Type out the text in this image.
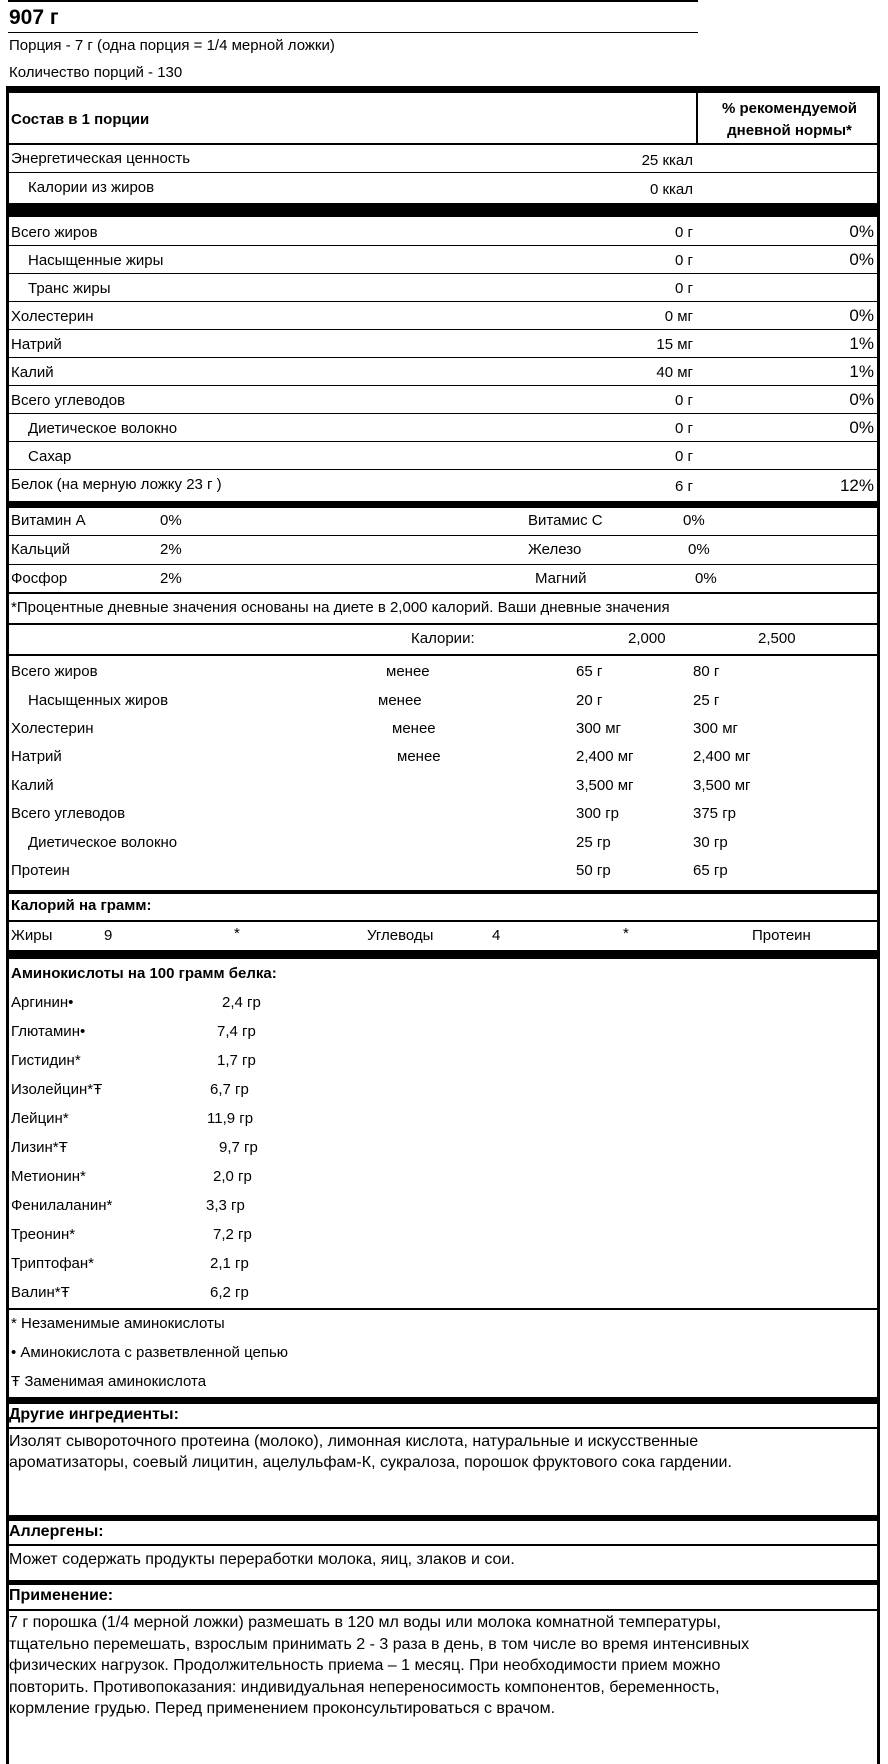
907 г
Порция - 7 г (одна порция = 1/4 мерной ложки)
Количество порций - 130
Состав в 1 порции
% рекомендуемой
дневной нормы*
Энергетическая ценность	25 ккал
Калории из жиров	0 ккал
Всего жиров	0 г	0%
Насыщенные жиры	0 г	0%
Транс жиры	0 г
Холестерин	0 мг	0%
Натрий	15 мг	1%
Калий	40 мг	1%
Всего углеводов	0 г	0%
Диетическое волокно	0 г	0%
Сахар	0 г
Белок (на мерную ложку 23 г )	6 г	12%
Витамин А	0%	Витамис С	0%
Кальций	2%	Железо	0%
Фосфор	2%	Магний	0%
*Процентные дневные значения основаны на диете в 2,000 калорий. Ваши дневные значения
Калории:	2,000	2,500
Всего жиров	менее	65 г	80 г
Насыщенных жиров	менее	20 г	25 г
Холестерин	менее	300 мг	300 мг
Натрий	менее	2,400 мг	2,400 мг
Калий	3,500 мг	3,500 мг
Всего углеводов	300 гр	375 гр
Диетическое волокно	25 гр	30 гр
Протеин	50 гр	65 гр
Калорий на грамм:
Жиры	9	*	Углеводы	4	*	Протеин
Аминокислоты на 100 грамм белка:
Аргинин•	2,4 гр
Глютамин•	7,4 гр
Гистидин*	1,7 гр
Изолейцин*Ŧ	6,7 гр
Лейцин*	11,9 гр
Лизин*Ŧ	9,7 гр
Метионин*	2,0 гр
Фенилаланин*	3,3 гр
Треонин*	7,2 гр
Триптофан*	2,1 гр
Валин*Ŧ	6,2 гр
* Незаменимые аминокислоты
• Аминокислота с разветвленной цепью
Ŧ Заменимая аминокислота
Другие ингредиенты:
Изолят сывороточного протеина (молоко), лимонная кислота, натуральные и искусственные
ароматизаторы, соевый лицитин, ацелульфам-К, сукралоза, порошок фруктового сока гардении.
Аллергены:
Может содержать продукты переработки молока, яиц, злаков и сои.
Применение:
7 г порошка (1/4 мерной ложки) размешать в 120 мл воды или молока комнатной температуры,
тщательно перемешать, взрослым принимать 2 - 3 раза в день, в том числе во время интенсивных
физических нагрузок. Продолжительность приема – 1 месяц. При необходимости прием можно
повторить. Противопоказания: индивидуальная непереносимость компонентов, беременность,
кормление грудью. Перед применением проконсультироваться с врачом.
